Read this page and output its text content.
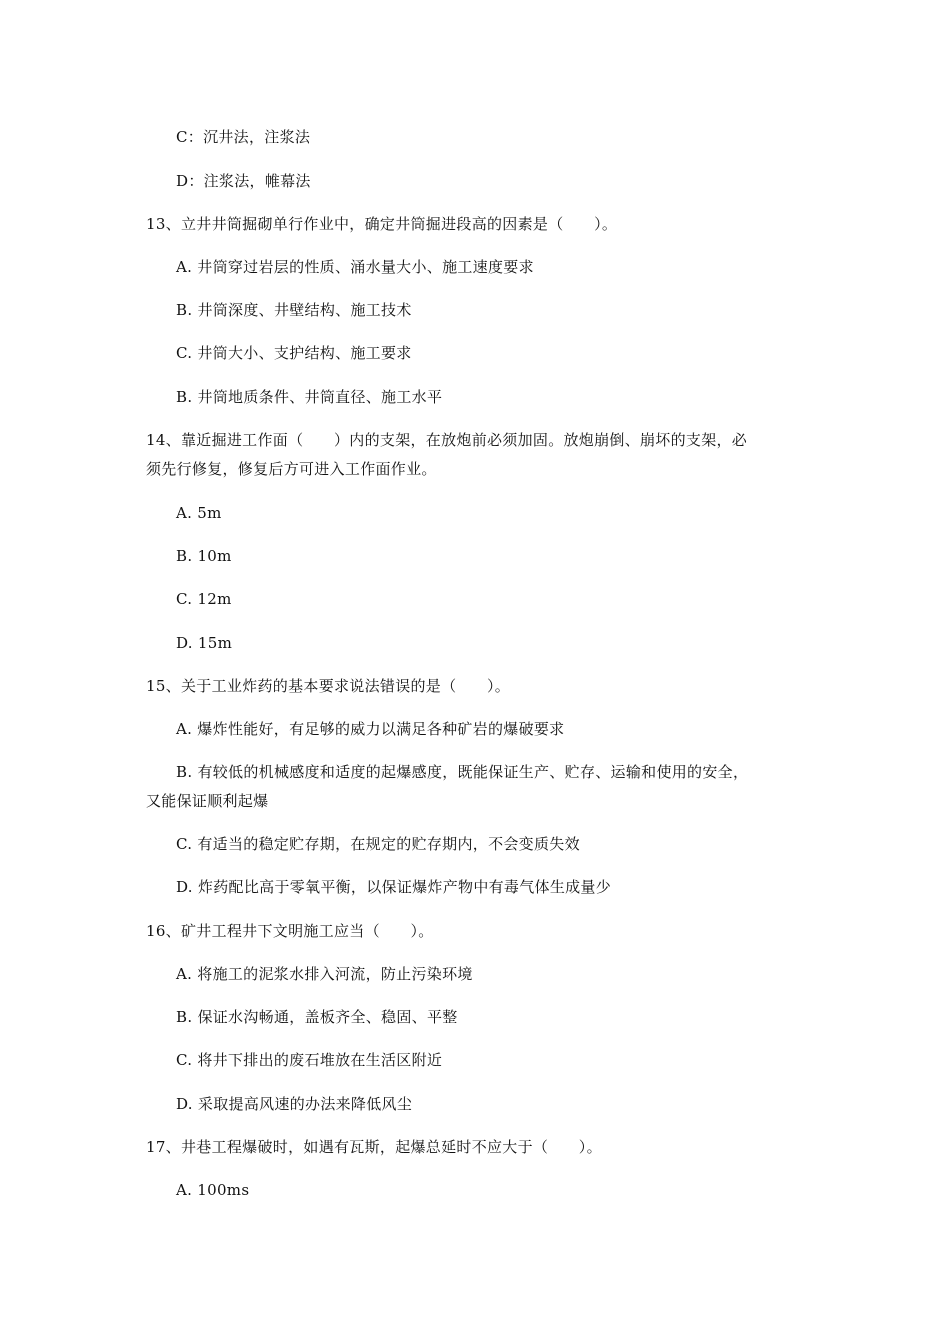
C：沉井法，注浆法
D：注浆法，帷幕法
13、立井井筒掘砌单行作业中，确定井筒掘进段高的因素是（　　）。
A. 井筒穿过岩层的性质、涌水量大小、施工速度要求
B. 井筒深度、井壁结构、施工技术
C. 井筒大小、支护结构、施工要求
B. 井筒地质条件、井筒直径、施工水平
14、靠近掘进工作面（　　）内的支架，在放炮前必须加固。放炮崩倒、崩坏的支架，必
须先行修复，修复后方可进入工作面作业。
A. 5m
B. 10m
C. 12m
D. 15m
15、关于工业炸药的基本要求说法错误的是（　　）。
A. 爆炸性能好，有足够的威力以满足各种矿岩的爆破要求
B. 有较低的机械感度和适度的起爆感度，既能保证生产、贮存、运输和使用的安全，
又能保证顺利起爆
C. 有适当的稳定贮存期，在规定的贮存期内，不会变质失效
D. 炸药配比高于零氧平衡，以保证爆炸产物中有毒气体生成量少
16、矿井工程井下文明施工应当（　　）。
A. 将施工的泥浆水排入河流，防止污染环境
B. 保证水沟畅通，盖板齐全、稳固、平整
C. 将井下排出的废石堆放在生活区附近
D. 采取提高风速的办法来降低风尘
17、井巷工程爆破时，如遇有瓦斯，起爆总延时不应大于（　　）。
A. 100ms
